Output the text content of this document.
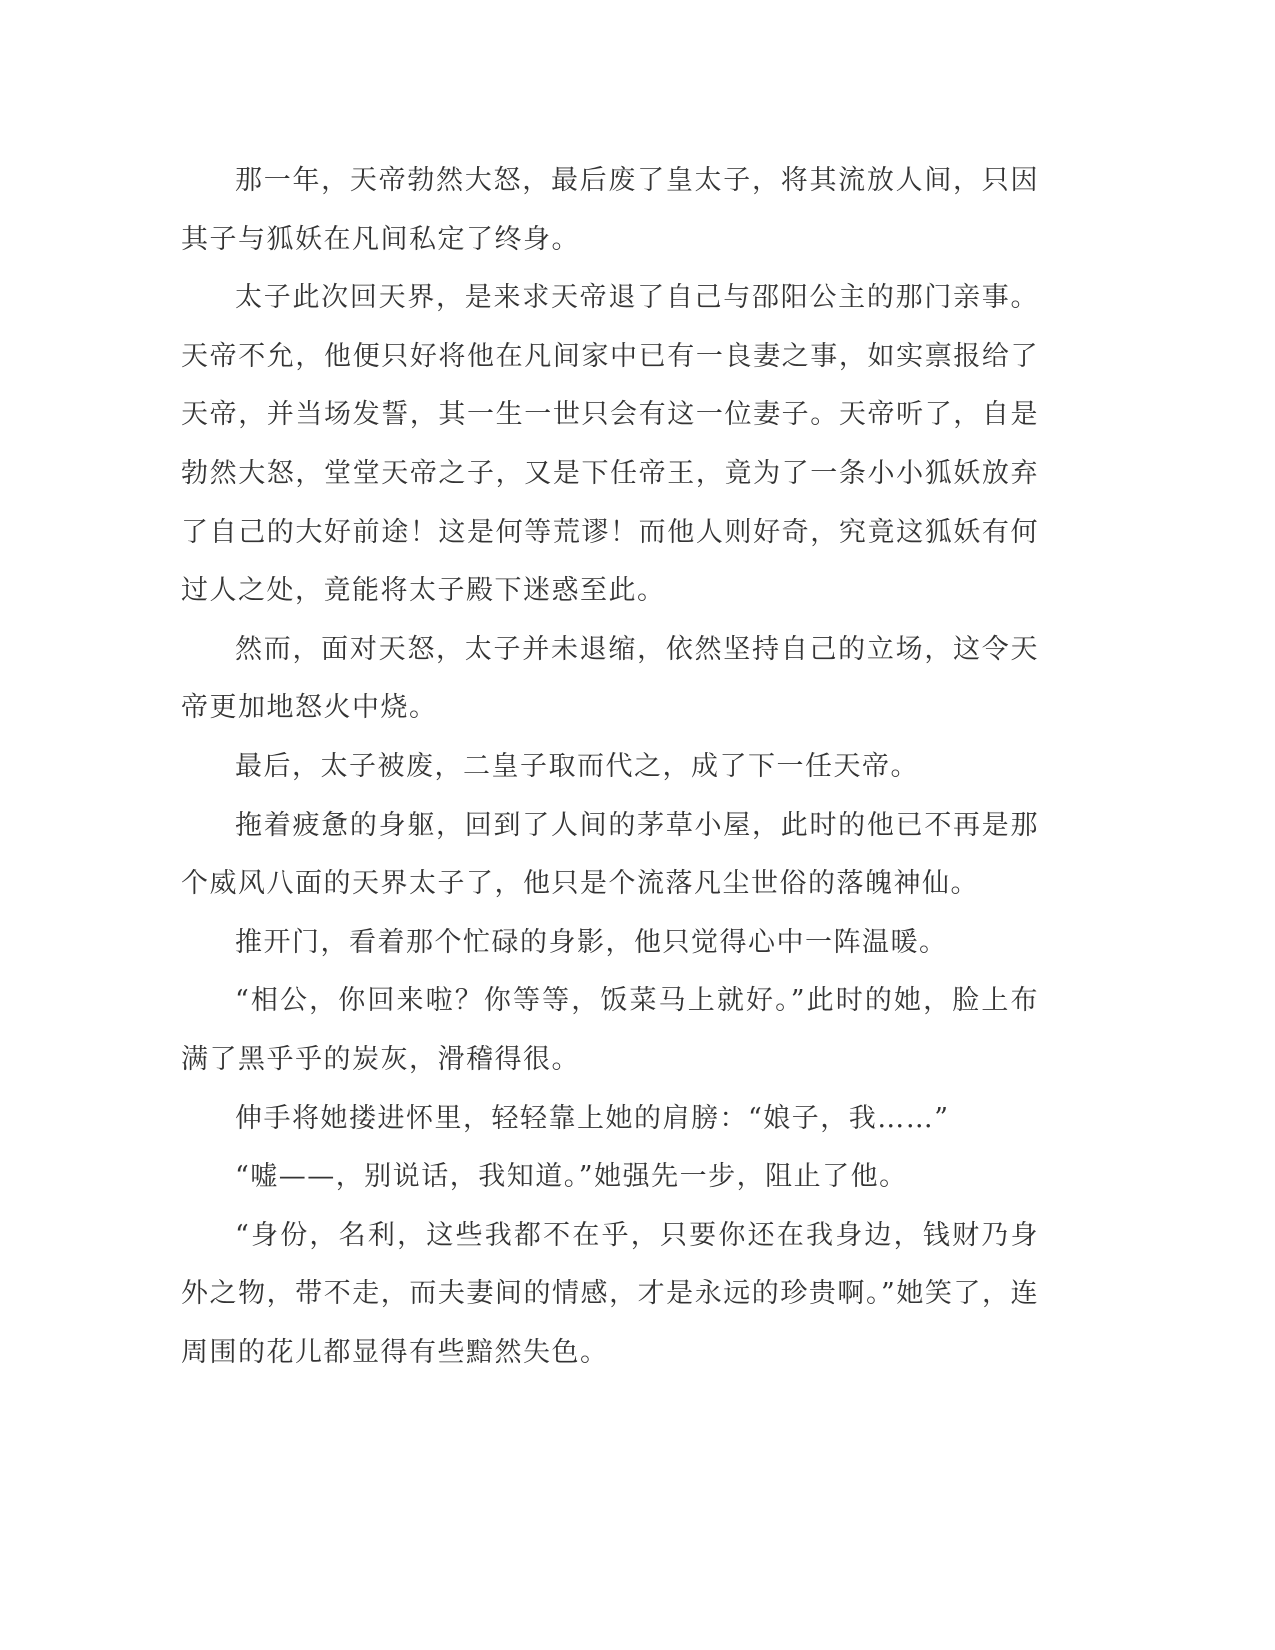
那一年，天帝勃然大怒，最后废了皇太子，将其流放人间，只因其子与狐妖在凡间私定了终身。

太子此次回天界，是来求天帝退了自己与邵阳公主的那门亲事。天帝不允，他便只好将他在凡间家中已有一良妻之事，如实禀报给了天帝，并当场发誓，其一生一世只会有这一位妻子。天帝听了，自是勃然大怒，堂堂天帝之子，又是下任帝王，竟为了一条小小狐妖放弃了自己的大好前途！这是何等荒谬！而他人则好奇，究竟这狐妖有何过人之处，竟能将太子殿下迷惑至此。

然而，面对天怒，太子并未退缩，依然坚持自己的立场，这令天帝更加地怒火中烧。

最后，太子被废，二皇子取而代之，成了下一任天帝。

拖着疲惫的身躯，回到了人间的茅草小屋，此时的他已不再是那个威风八面的天界太子了，他只是个流落凡尘世俗的落魄神仙。

推开门，看着那个忙碌的身影，他只觉得心中一阵温暖。

“相公，你回来啦？你等等，饭菜马上就好。”此时的她，脸上布满了黑乎乎的炭灰，滑稽得很。

伸手将她搂进怀里，轻轻靠上她的肩膀：“娘子，我……”

“嘘——，别说话，我知道。”她强先一步，阻止了他。

“身份，名利，这些我都不在乎，只要你还在我身边，钱财乃身外之物，带不走，而夫妻间的情感，才是永远的珍贵啊。”她笑了，连周围的花儿都显得有些黯然失色。
